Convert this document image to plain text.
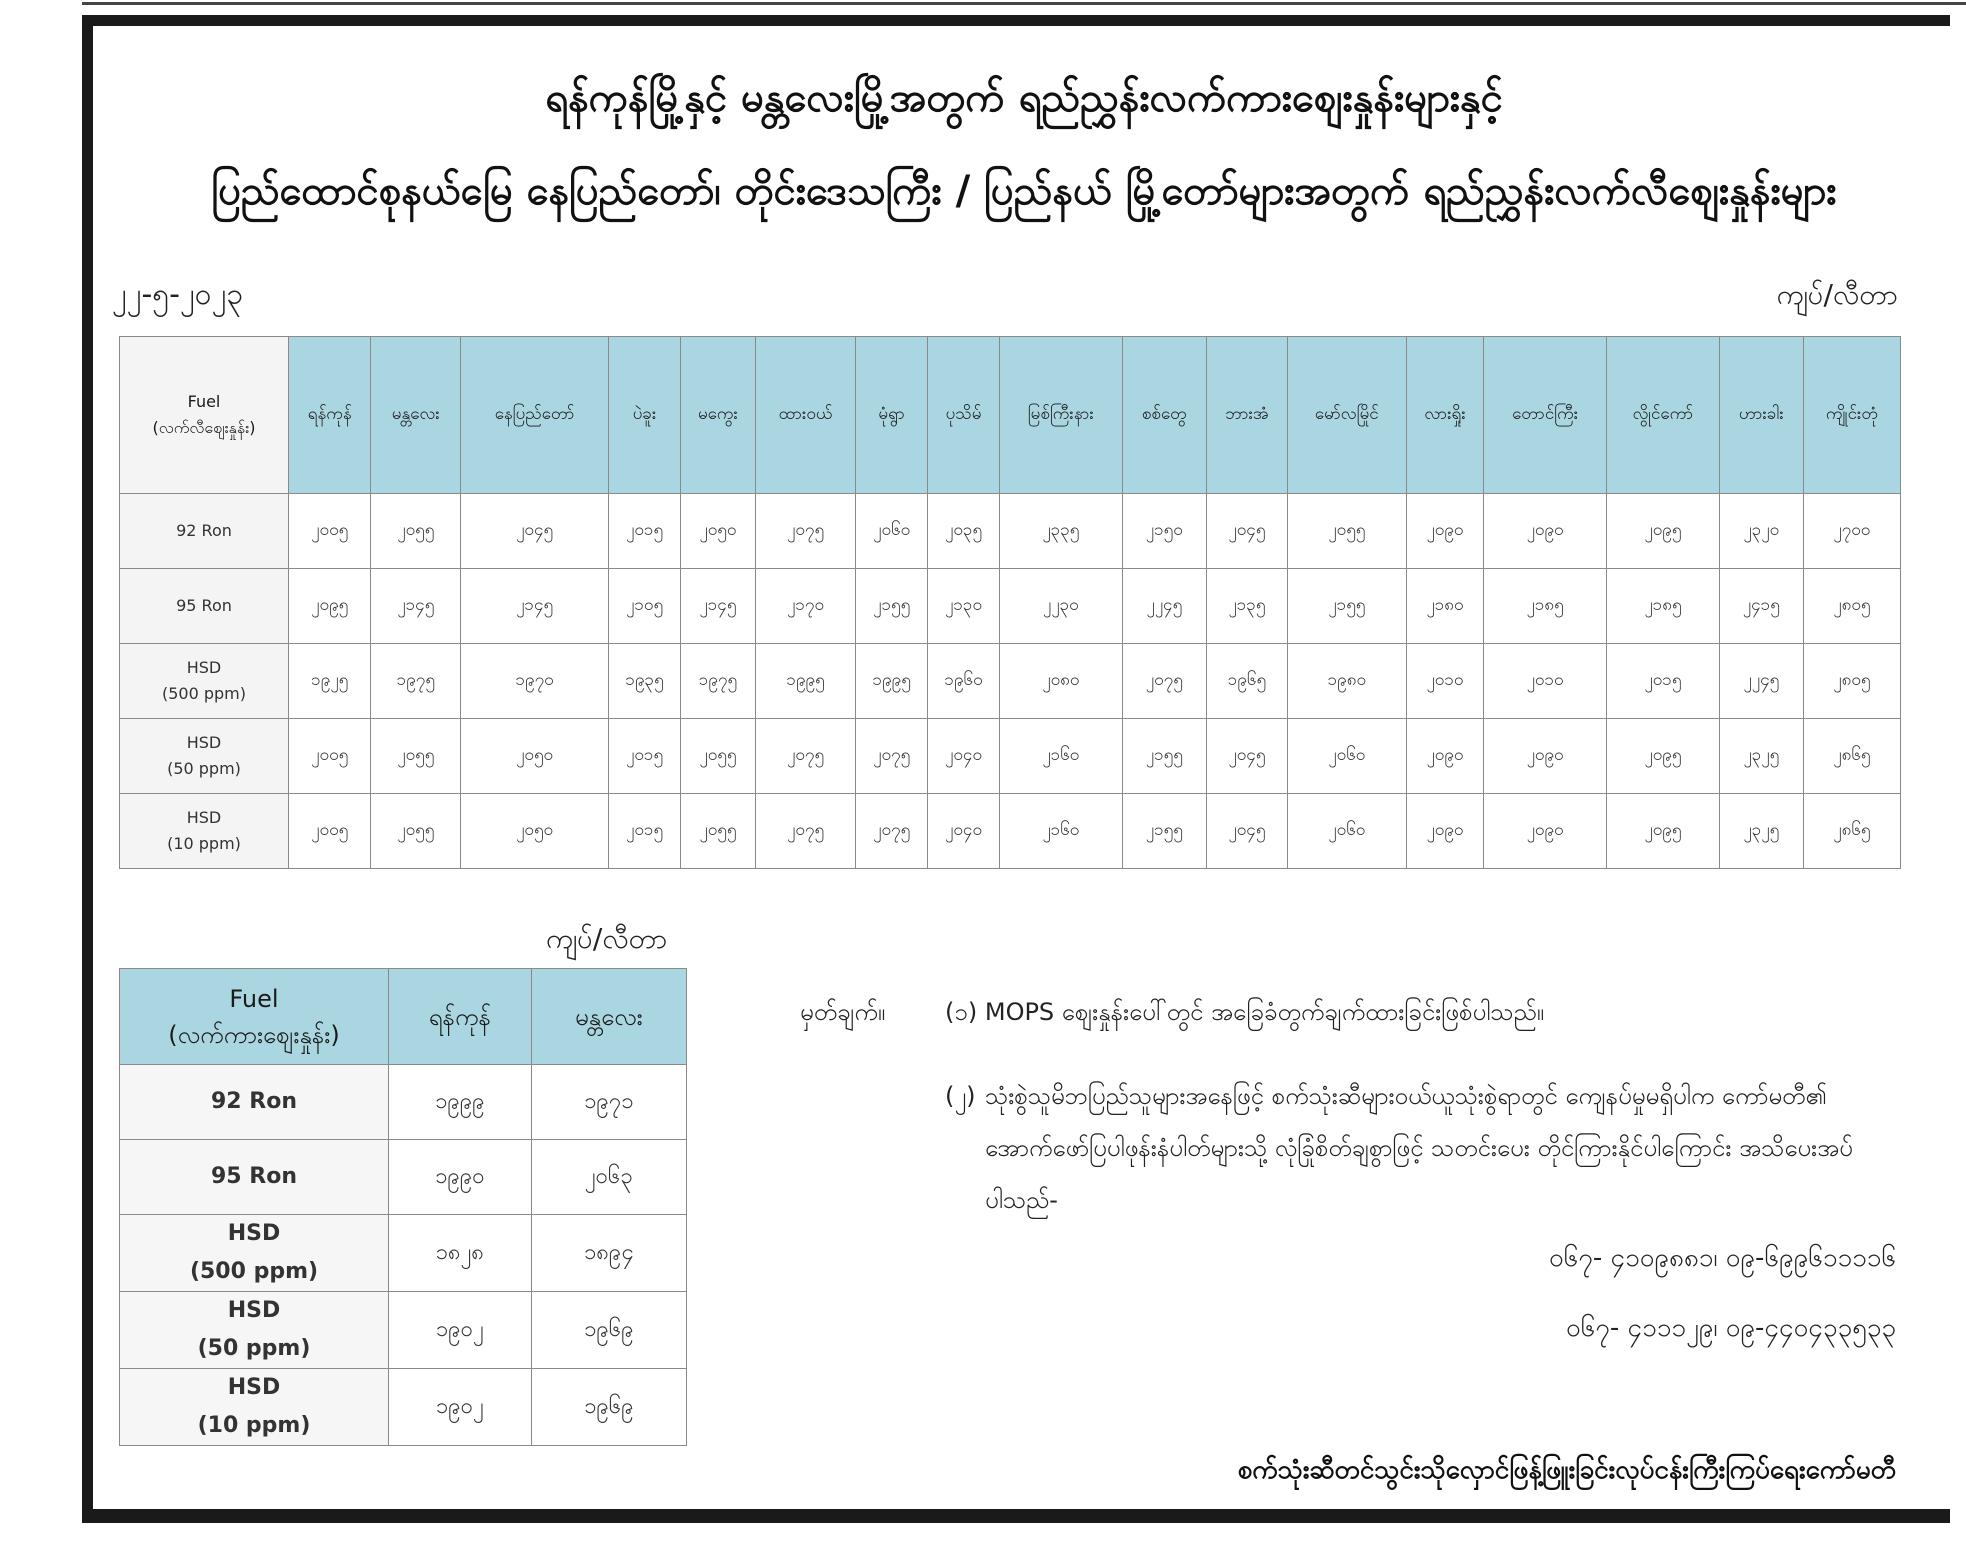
ရန်ကုန်မြို့နှင့် မန္တလေးမြို့အတွက် ရည်ညွှန်းလက်ကားစျေးနှုန်းများနှင့်
ပြည်ထောင်စုနယ်မြေ နေပြည်တော်၊ တိုင်းဒေသကြီး / ပြည်နယ် မြို့တော်များအတွက် ရည်ညွှန်းလက်လီစျေးနှုန်းများ
၂၂-၅-၂၀၂၃	ကျပ်/လီတာ
Fuel
(လက်လီစျေးနှုန်း)	ရန်ကုန်	မန္တလေး	နေပြည်တော်	ပဲခူး	မကွေး	ထားဝယ်	မုံရွာ	ပုသိမ်	မြစ်ကြီးနား	စစ်တွေ	ဘားအံ	မော်လမြိုင်	လားရှိုး	တောင်ကြီး	လွိုင်ကော်	ဟားခါး	ကျိုင်းတုံ
92 Ron	၂၀၀၅	၂၀၅၅	၂၀၄၅	၂၀၁၅	၂၀၅၀	၂၀၇၅	၂၀၆၀	၂၀၃၅	၂၃၃၅	၂၁၅၀	၂၀၄၅	၂၀၅၅	၂၀၉၀	၂၀၉၀	၂၀၉၅	၂၃၂၀	၂၇၀၀
95 Ron	၂၀၉၅	၂၁၄၅	၂၁၄၅	၂၁၀၅	၂၁၄၅	၂၁၇၀	၂၁၅၅	၂၁၃၀	၂၂၃၀	၂၂၄၅	၂၁၃၅	၂၁၅၅	၂၁၈၀	၂၁၈၅	၂၁၈၅	၂၄၁၅	၂၈၀၅
HSD
(500 ppm)	၁၉၂၅	၁၉၇၅	၁၉၇၀	၁၉၃၅	၁၉၇၅	၁၉၉၅	၁၉၉၅	၁၉၆၀	၂၀၈၀	၂၀၇၅	၁၉၆၅	၁၉၈၀	၂၀၁၀	၂၀၁၀	၂၀၁၅	၂၂၄၅	၂၈၀၅
HSD
(50 ppm)	၂၀၀၅	၂၀၅၅	၂၀၅၀	၂၀၁၅	၂၀၅၅	၂၀၇၅	၂၀၇၅	၂၀၄၀	၂၁၆၀	၂၁၅၅	၂၀၄၅	၂၀၆၀	၂၀၉၀	၂၀၉၀	၂၀၉၅	၂၃၂၅	၂၈၆၅
HSD
(10 ppm)	၂၀၀၅	၂၀၅၅	၂၀၅၀	၂၀၁၅	၂၀၅၅	၂၀၇၅	၂၀၇၅	၂၀၄၀	၂၁၆၀	၂၁၅၅	၂၀၄၅	၂၀၆၀	၂၀၉၀	၂၀၉၀	၂၀၉၅	၂၃၂၅	၂၈၆၅
ကျပ်/လီတာ
Fuel
(လက်ကားစျေးနှုန်း)	ရန်ကုန်	မန္တလေး
92 Ron	၁၉၉၉	၁၉၇၁
95 Ron	၁၉၉၀	၂၀၆၃
HSD
(500 ppm)	၁၈၂၈	၁၈၉၄
HSD
(50 ppm)	၁၉၀၂	၁၉၆၉
HSD
(10 ppm)	၁၉၀၂	၁၉၆၉
မှတ်ချက်။ (၁) MOPS စျေးနှုန်းပေါ်တွင် အခြေခံတွက်ချက်ထားခြင်းဖြစ်ပါသည်။
(၂) သုံးစွဲသူမိဘပြည်သူများအနေဖြင့် စက်သုံးဆီများဝယ်ယူသုံးစွဲရာတွင် ကျေနပ်မှုမရှိပါက ကော်မတီ၏ အောက်ဖော်ပြပါဖုန်းနံပါတ်များသို့ လုံခြုံစိတ်ချစွာဖြင့် သတင်းပေး တိုင်ကြားနိုင်ပါကြောင်း အသိပေးအပ်ပါသည်-
၀၆၇- ၄၁၀၉၈၈၁၊ ၀၉-၆၉၉၆၁၁၁၁၆
၀၆၇- ၄၁၁၁၂၉၊ ၀၉-၄၄၀၄၃၃၅၃၃
စက်သုံးဆီတင်သွင်းသိုလှောင်ဖြန့်ဖြူးခြင်းလုပ်ငန်းကြီးကြပ်ရေးကော်မတီ
